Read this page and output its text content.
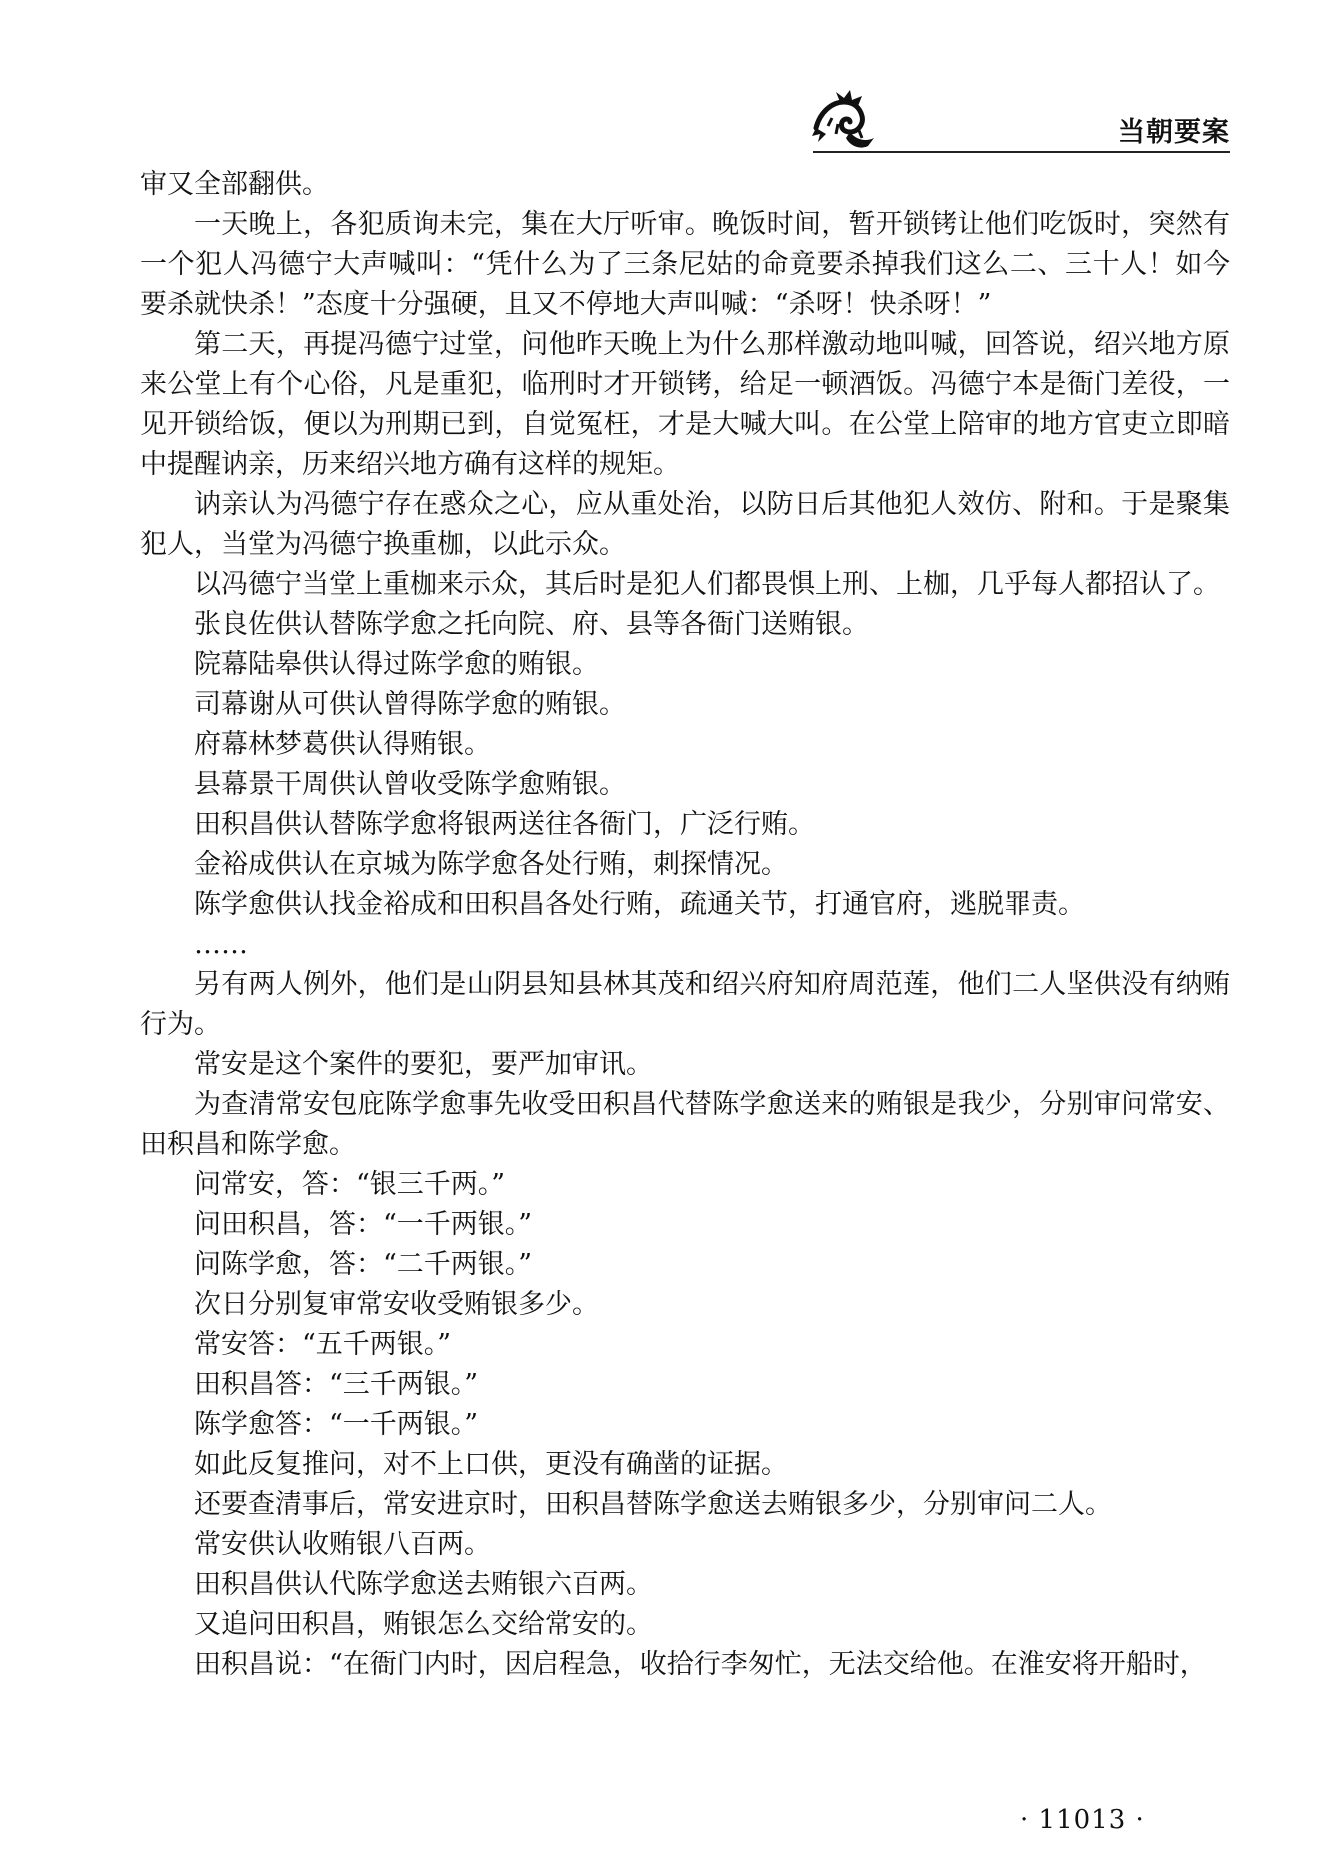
当朝要案

审又全部翻供。

一天晚上，各犯质询未完，集在大厅听审。晚饭时间，暂开锁铐让他们吃饭时，突然有一个犯人冯德宁大声喊叫：“凭什么为了三条尼姑的命竟要杀掉我们这么二、三十人！如今要杀就快杀！”态度十分强硬，且又不停地大声叫喊：“杀呀！快杀呀！”

第二天，再提冯德宁过堂，问他昨天晚上为什么那样激动地叫喊，回答说，绍兴地方原来公堂上有个心俗，凡是重犯，临刑时才开锁铐，给足一顿酒饭。冯德宁本是衙门差役，一见开锁给饭，便以为刑期已到，自觉冤枉，才是大喊大叫。在公堂上陪审的地方官吏立即暗中提醒讷亲，历来绍兴地方确有这样的规矩。

讷亲认为冯德宁存在惑众之心，应从重处治，以防日后其他犯人效仿、附和。于是聚集犯人，当堂为冯德宁换重枷，以此示众。

以冯德宁当堂上重枷来示众，其后时是犯人们都畏惧上刑、上枷，几乎每人都招认了。

张良佐供认替陈学愈之托向院、府、县等各衙门送贿银。

院幕陆皋供认得过陈学愈的贿银。

司幕谢从可供认曾得陈学愈的贿银。

府幕林梦葛供认得贿银。

县幕景干周供认曾收受陈学愈贿银。

田积昌供认替陈学愈将银两送往各衙门，广泛行贿。

金裕成供认在京城为陈学愈各处行贿，刺探情况。

陈学愈供认找金裕成和田积昌各处行贿，疏通关节，打通官府，逃脱罪责。

……

另有两人例外，他们是山阴县知县林其茂和绍兴府知府周范莲，他们二人坚供没有纳贿行为。

常安是这个案件的要犯，要严加审讯。

为查清常安包庇陈学愈事先收受田积昌代替陈学愈送来的贿银是我少，分别审问常安、田积昌和陈学愈。

问常安，答：“银三千两。”

问田积昌，答：“一千两银。”

问陈学愈，答：“二千两银。”

次日分别复审常安收受贿银多少。

常安答：“五千两银。”

田积昌答：“三千两银。”

陈学愈答：“一千两银。”

如此反复推问，对不上口供，更没有确凿的证据。

还要查清事后，常安进京时，田积昌替陈学愈送去贿银多少，分别审问二人。

常安供认收贿银八百两。

田积昌供认代陈学愈送去贿银六百两。

又追问田积昌，贿银怎么交给常安的。

田积昌说：“在衙门内时，因启程急，收拾行李匆忙，无法交给他。在淮安将开船时，

· 11013 ·
